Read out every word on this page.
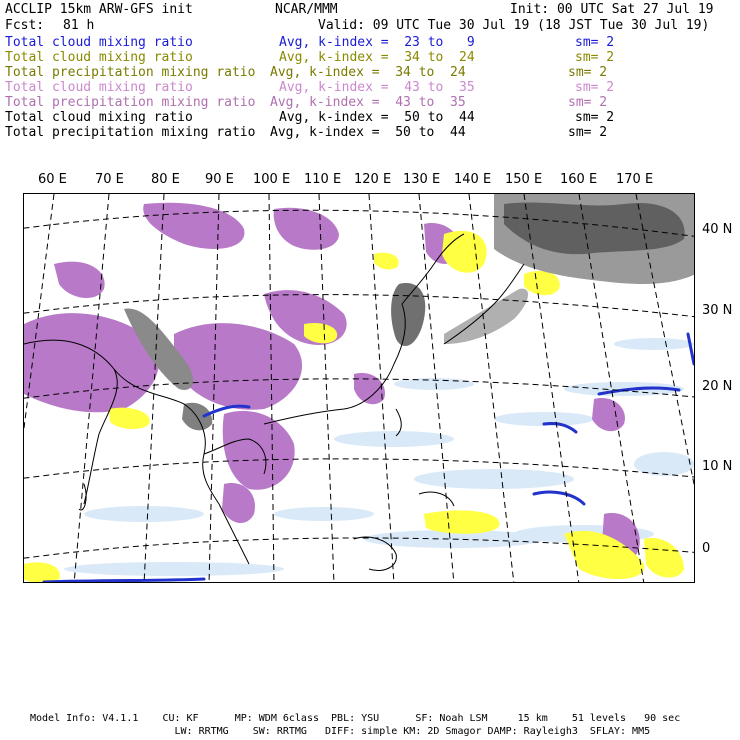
ACCLIP 15km ARW-GFS init	NCAR/MMM	Init: 00 UTC Sat 27 Jul 19
Fcst: 81 h	Valid: 09 UTC Tue 30 Jul 19 (18 JST Tue 30 Jul 19)
Total cloud mixing ratio	Avg, k-index =  23 to   9	sm= 2
Total cloud mixing ratio	Avg, k-index =  34 to  24	sm= 2
Total precipitation mixing ratio Avg, k-index =  34 to  24	sm= 2
Total cloud mixing ratio	Avg, k-index =  43 to  35	sm= 2
Total precipitation mixing ratio Avg, k-index =  43 to  35	sm= 2
Total cloud mixing ratio	Avg, k-index =  50 to  44	sm= 2
Total precipitation mixing ratio Avg, k-index =  50 to  44	sm= 2
60 E 70 E 80 E 90 E 100 E 110 E 120 E 130 E 140 E 150 E 160 E 170 E
40 N
30 N
20 N
10 N
0
Model Info: V4.1.1    CU: KF      MP: WDM 6class  PBL: YSU      SF: Noah LSM     15 km    51 levels   90 sec
LW: RRTMG    SW: RRTMG   DIFF: simple KM: 2D Smagor DAMP: Rayleigh3  SFLAY: MM5
